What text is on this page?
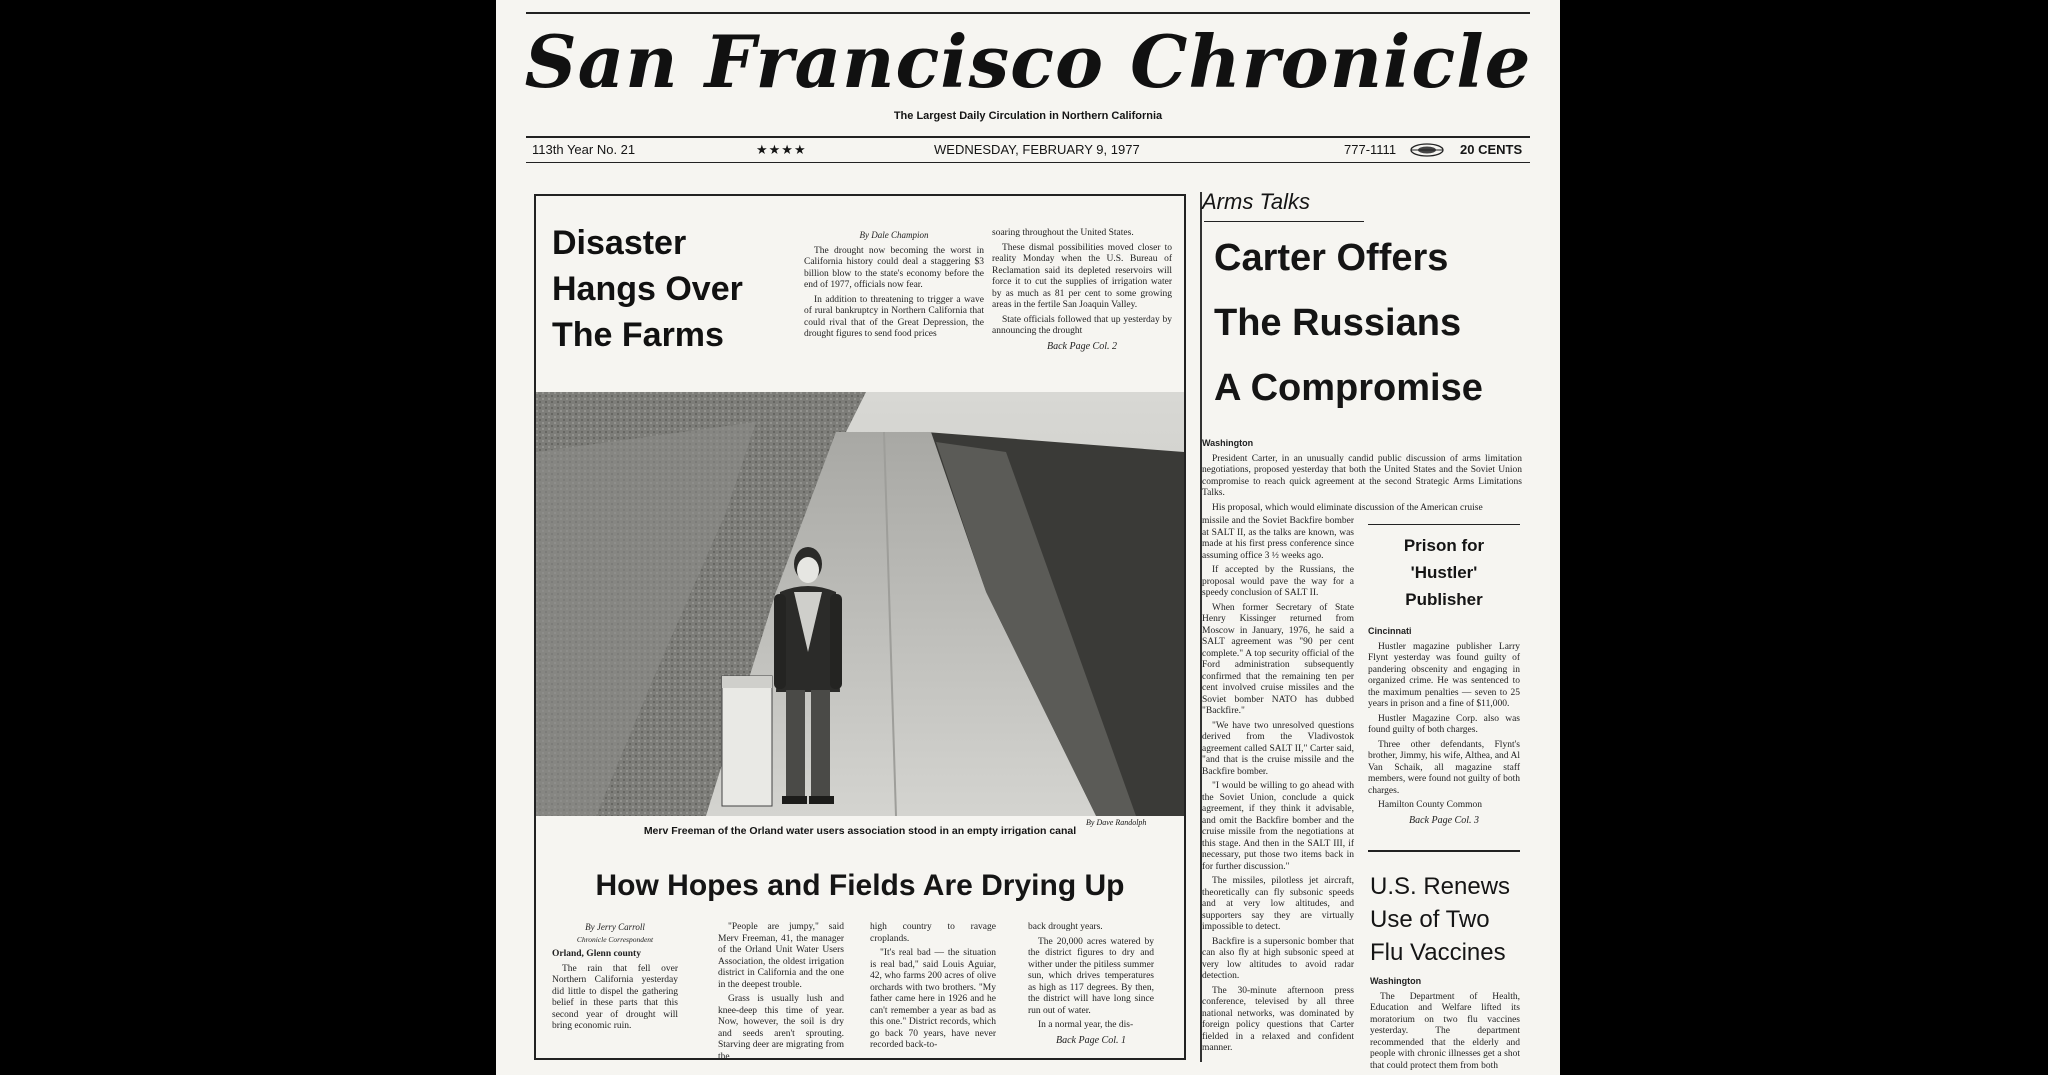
San Francisco Chronicle
The Largest Daily Circulation in Northern California
113th Year No. 21	★★★★	WEDNESDAY, FEBRUARY 9, 1977	777-1111	20 CENTS
Disaster
Hangs Over
The Farms
By Dale Champion

The drought now becoming the worst in California history could deal a staggering $3 billion blow to the state's economy before the end of 1977, officials now fear.

In addition to threatening to trigger a wave of rural bankruptcy in Northern California that could rival that of the Great Depression, the drought figures to send food prices

soaring throughout the United States.

These dismal possibilities moved closer to reality Monday when the U.S. Bureau of Reclamation said its depleted reservoirs will force it to cut the supplies of irrigation water by as much as 81 per cent to some growing areas in the fertile San Joaquin Valley.

State officials followed that up yesterday by announcing the drought

Back Page Col. 2
By Dave Randolph
Merv Freeman of the Orland water users association stood in an empty irrigation canal
How Hopes and Fields Are Drying Up
By Jerry Carroll
Chronicle Correspondent
Orland, Glenn county

The rain that fell over Northern California yesterday did little to dispel the gathering belief in these parts that this second year of drought will bring economic ruin.

"People are jumpy," said Merv Freeman, 41, the manager of the Orland Unit Water Users Association, the oldest irrigation district in California and the one in the deepest trouble.

Grass is usually lush and knee-deep this time of year. Now, however, the soil is dry and seeds aren't sprouting. Starving deer are migrating from the

high country to ravage croplands.

"It's real bad — the situation is real bad," said Louis Aguiar, 42, who farms 200 acres of olive orchards with two brothers. "My father came here in 1926 and he can't remember a year as bad as this one." District records, which go back 70 years, have never recorded back-to-

back drought years.

The 20,000 acres watered by the district figures to dry and wither under the pitiless summer sun, which drives temperatures as high as 117 degrees. By then, the district will have long since run out of water.

In a normal year, the dis-

Back Page Col. 1
Arms Talks
Carter Offers
The Russians
A Compromise
Washington

President Carter, in an unusually candid public discussion of arms limitation negotiations, proposed yesterday that both the United States and the Soviet Union compromise to reach quick agreement at the second Strategic Arms Limitations Talks.

His proposal, which would eliminate discussion of the American cruise

missile and the Soviet Backfire bomber at SALT II, as the talks are known, was made at his first press conference since assuming office 3 ½ weeks ago.

If accepted by the Russians, the proposal would pave the way for a speedy conclusion of SALT II.

When former Secretary of State Henry Kissinger returned from Moscow in January, 1976, he said a SALT agreement was "90 per cent complete." A top security official of the Ford administration subsequently confirmed that the remaining ten per cent involved cruise missiles and the Soviet bomber NATO has dubbed "Backfire."

"We have two unresolved questions derived from the Vladivostok agreement called SALT II," Carter said, "and that is the cruise missile and the Backfire bomber.

"I would be willing to go ahead with the Soviet Union, conclude a quick agreement, if they think it advisable, and omit the Backfire bomber and the cruise missile from the negotiations at this stage. And then in the SALT III, if necessary, put those two items back in for further discussion."

The missiles, pilotless jet aircraft, theoretically can fly subsonic speeds and at very low altitudes, and supporters say they are virtually impossible to detect.

Backfire is a supersonic bomber that can also fly at high subsonic speed at very low altitudes to avoid radar detection.

The 30-minute afternoon press conference, televised by all three national networks, was dominated by foreign policy questions that Carter fielded in a relaxed and confident manner.

Prison for
'Hustler'
Publisher
Cincinnati

Hustler magazine publisher Larry Flynt yesterday was found guilty of pandering obscenity and engaging in organized crime. He was sentenced to the maximum penalties — seven to 25 years in prison and a fine of $11,000.

Hustler Magazine Corp. also was found guilty of both charges.

Three other defendants, Flynt's brother, Jimmy, his wife, Althea, and Al Van Schaik, all magazine staff members, were found not guilty of both charges.

Hamilton County Common

Back Page Col. 3
U.S. Renews
Use of Two
Flu Vaccines
Washington

The Department of Health, Education and Welfare lifted its moratorium on two flu vaccines yesterday. The department recommended that the elderly and people with chronic illnesses get a shot that could protect them from both
